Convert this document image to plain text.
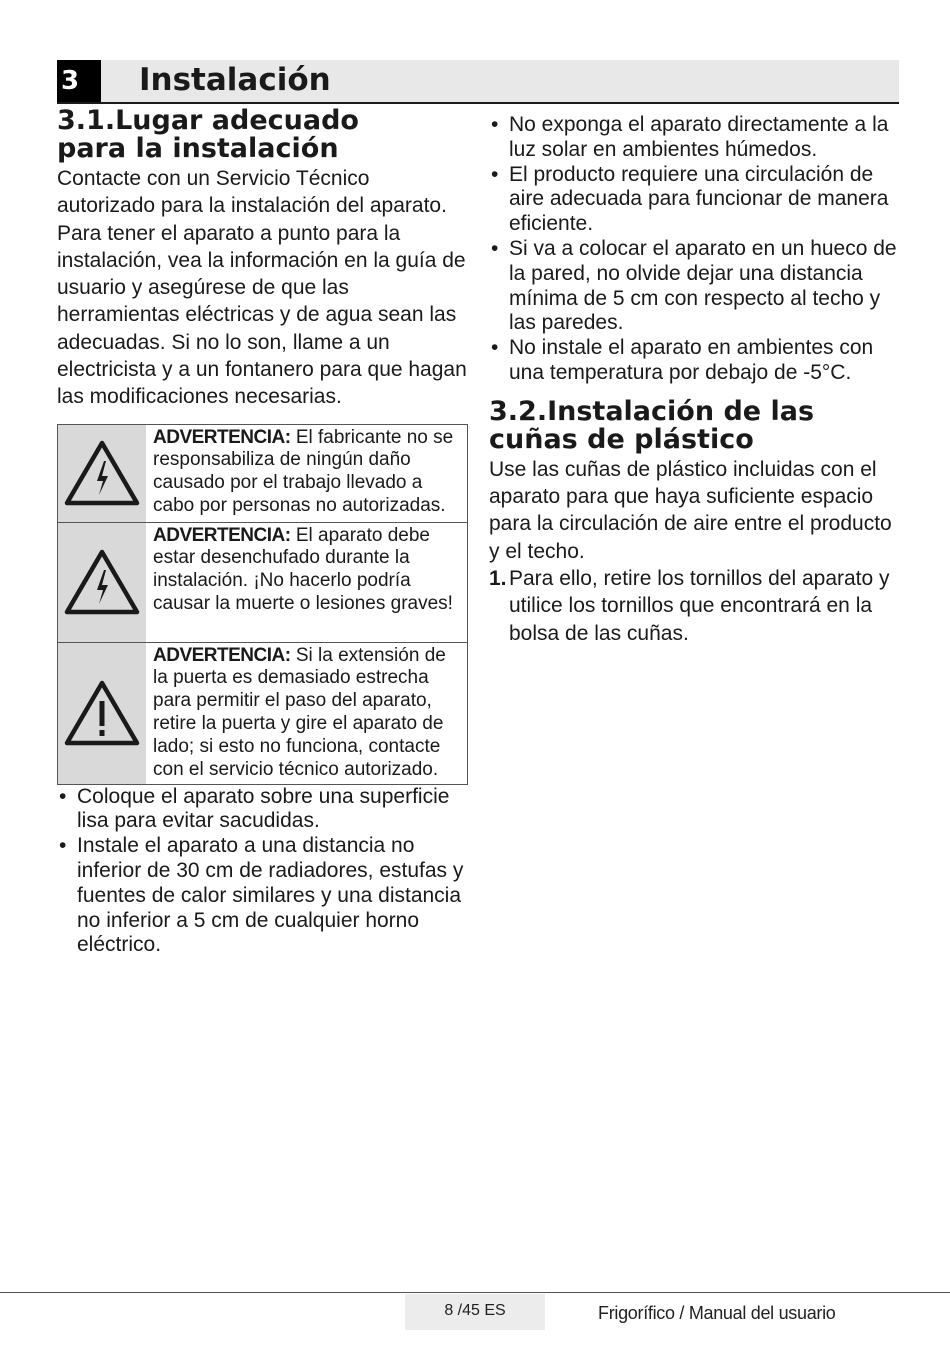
3	Instalación
3.1.Lugar adecuado
para la instalación

Contacte con un Servicio Técnico autorizado para la instalación del aparato. Para tener el aparato a punto para la instalación, vea la información en la guía de usuario y asegúrese de que las herramientas eléctricas y de agua sean las adecuadas. Si no lo son, llame a un electricista y a un fontanero para que hagan las modificaciones necesarias.

ADVERTENCIA: El fabricante no se responsabiliza de ningún daño causado por el trabajo llevado a cabo por personas no autorizadas.
ADVERTENCIA: El aparato debe estar desenchufado durante la instalación. ¡No hacerlo podría causar la muerte o lesiones graves!
ADVERTENCIA: Si la extensión de la puerta es demasiado estrecha para permitir el paso del aparato, retire la puerta y gire el aparato de lado; si esto no funciona, contacte con el servicio técnico autorizado.
• Coloque el aparato sobre una superficie lisa para evitar sacudidas.
• Instale el aparato a una distancia no inferior de 30 cm de radiadores, estufas y fuentes de calor similares y una distancia no inferior a 5 cm de cualquier horno eléctrico.
• No exponga el aparato directamente a la luz solar en ambientes húmedos.
• El producto requiere una circulación de aire adecuada para funcionar de manera eficiente.
• Si va a colocar el aparato en un hueco de la pared, no olvide dejar una distancia mínima de 5 cm con respecto al techo y las paredes.
• No instale el aparato en ambientes con una temperatura por debajo de -5°C.
3.2.Instalación de las
cuñas de plástico

Use las cuñas de plástico incluidas con el aparato para que haya suficiente espacio para la circulación de aire entre el producto y el techo.

1. Para ello, retire los tornillos del aparato y utilice los tornillos que encontrará en la bolsa de las cuñas.
8 /45 ES	Frigorífico / Manual del usuario
